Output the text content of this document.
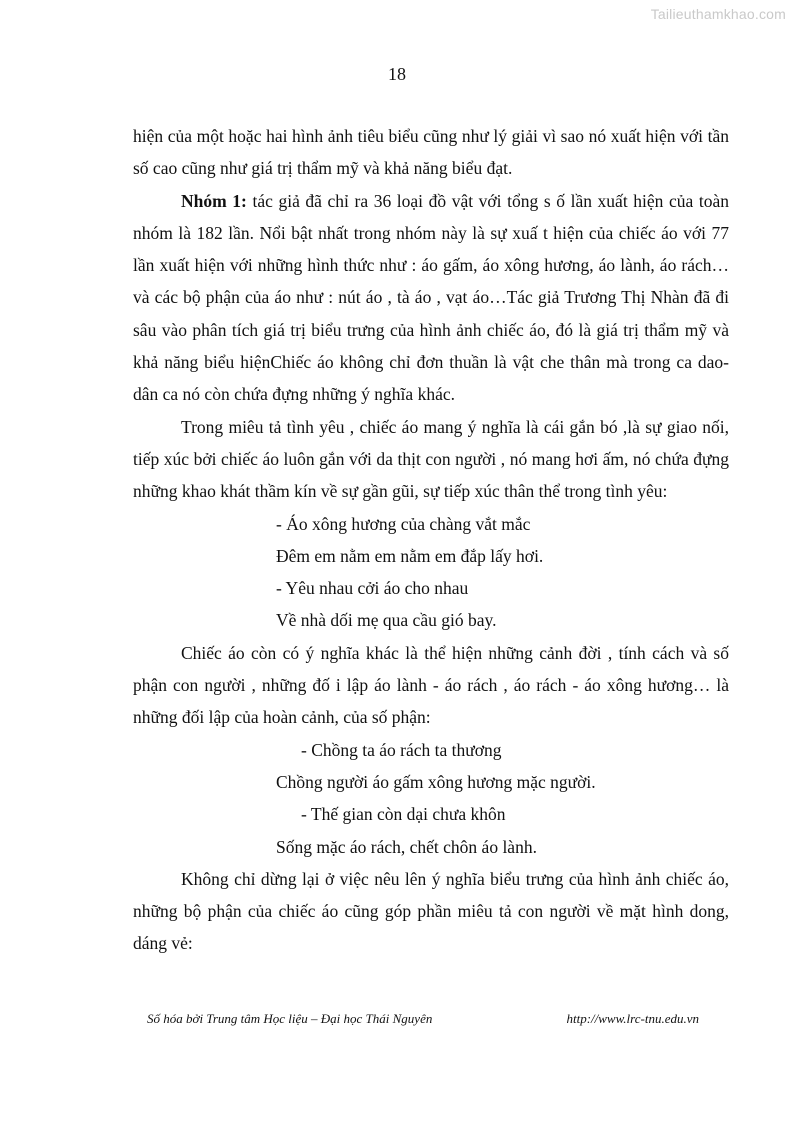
Tailieuthamkhao.com
18

hiện của một hoặc hai hình ảnh tiêu biểu cũng như lý giải vì sao nó xuất hiện với tần số cao cũng như giá trị thẩm mỹ và khả năng biểu đạt.

Nhóm 1: tác giả đã chỉ ra 36 loại đồ vật với tổng s ố lần xuất hiện của toàn nhóm là 182 lần. Nổi bật nhất trong nhóm này là sự xuấ t hiện của chiếc áo với 77 lần xuất hiện với những hình thức như : áo gấm, áo xông hương, áo lành, áo rách…và các bộ phận của áo như : nút áo , tà áo , vạt áo…Tác giả Trương Thị Nhàn đã đi sâu vào phân tích giá trị biểu trưng của hình ảnh chiếc áo, đó là giá trị thẩm mỹ và khả năng biểu hiệnChiếc áo không chỉ đơn thuần là vật che thân mà trong ca dao- dân ca nó còn chứa đựng những ý nghĩa khác.

Trong miêu tả tình yêu , chiếc áo mang ý nghĩa là cái gắn bó ,là sự giao nối, tiếp xúc bởi chiếc áo luôn gắn với da thịt con người , nó mang hơi ấm, nó chứa đựng những khao khát thầm kín về sự gần gũi, sự tiếp xúc thân thể trong tình yêu:

- Áo xông hương của chàng vắt mắc

Đêm em nằm em nằm em đắp lấy hơi.

- Yêu nhau cởi áo cho nhau

Về nhà dối mẹ qua cầu gió bay.

Chiếc áo còn có ý nghĩa khác là thể hiện những cảnh đời , tính cách và số phận con người , những đố i lập áo lành - áo rách , áo rách - áo xông hương… là những đối lập của hoàn cảnh, của số phận:

- Chồng ta áo rách ta thương

Chồng người áo gấm xông hương mặc người.

- Thế gian còn dại chưa khôn

Sống mặc áo rách, chết chôn áo lành.

Không chỉ dừng lại ở việc nêu lên ý nghĩa biểu trưng của hình ảnh chiếc áo, những bộ phận của chiếc áo cũng góp phần miêu tả con người về mặt hình dong, dáng vẻ:

Số hóa bởi Trung tâm Học liệu – Đại học Thái Nguyên	http://www.lrc-tnu.edu.vn
